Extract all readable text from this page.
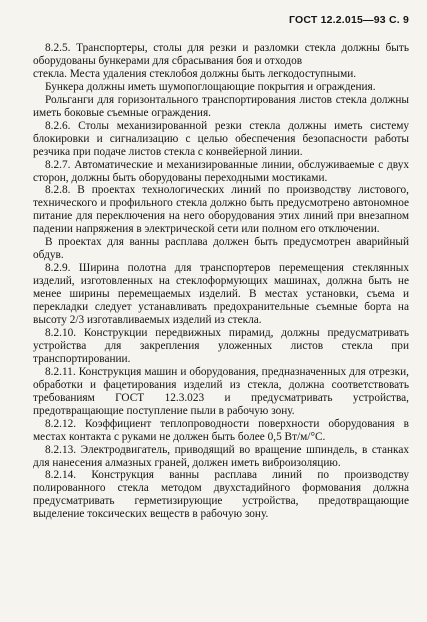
ГОСТ 12.2.015—93 С. 9
8.2.5. Транспортеры, столы для резки и разломки стекла должны быть оборудованы бункерами для сбрасывания боя и отходов
стекла. Места удаления стеклобоя должны быть легкодоступными.
Бункера должны иметь шумопоглощающие покрытия и ограждения.
Рольганги для горизонтального транспортирования листов стекла должны иметь боковые съемные ограждения.
8.2.6. Столы механизированной резки стекла должны иметь систему блокировки и сигнализацию с целью обеспечения безопасности работы резчика при подаче листов стекла с конвейерной линии.
8.2.7. Автоматические и механизированные линии, обслуживаемые с двух сторон, должны быть оборудованы переходными мостиками.
8.2.8. В проектах технологических линий по производству листового, технического и профильного стекла должно быть предусмотрено автономное питание для переключения на него оборудования этих линий при внезапном падении напряжения в электрической сети или полном его отключении.
В проектах для ванны расплава должен быть предусмотрен аварийный обдув.
8.2.9. Ширина полотна для транспортеров перемещения стеклянных изделий, изготовленных на стеклоформующих машинах, должна быть не менее ширины перемещаемых изделий. В местах установки, съема и перекладки следует устанавливать предохранительные съемные борта на высоту 2/3 изготавливаемых изделий из стекла.
8.2.10. Конструкции передвижных пирамид, должны предусматривать устройства для закрепления уложенных листов стекла при транспортировании.
8.2.11. Конструкция машин и оборудования, предназначенных для отрезки, обработки и фацетирования изделий из стекла, должна соответствовать требованиям ГОСТ 12.3.023 и предусматривать устройства, предотвращающие поступление пыли в рабочую зону.
8.2.12. Коэффициент теплопроводности поверхности оборудования в местах контакта с руками не должен быть более 0,5 Вт/м/°С.
8.2.13. Электродвигатель, приводящий во вращение шпиндель, в станках для нанесения алмазных граней, должен иметь виброизоляцию.
8.2.14. Конструкция ванны расплава линий по производству полированного стекла методом двухстадийного формования должна предусматривать герметизирующие устройства, предотвращающие выделение токсических веществ в рабочую зону.
